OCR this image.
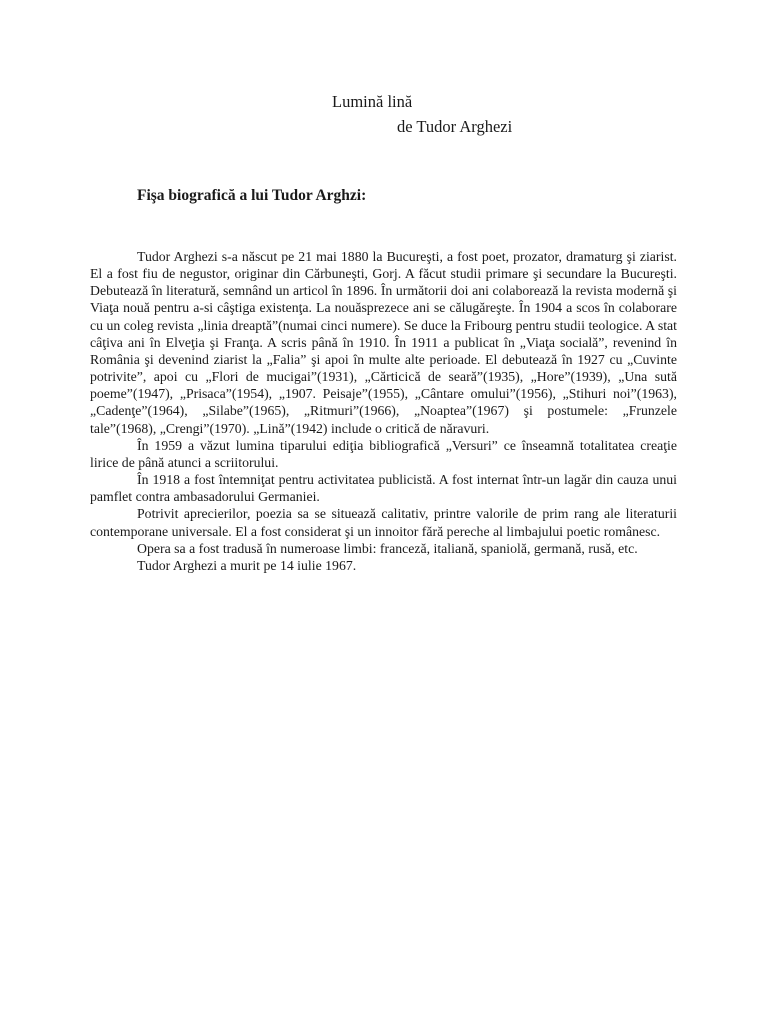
Lumină lină
de Tudor Arghezi
Fişa biografică a lui Tudor Arghzi:

Tudor Arghezi s-a născut pe 21 mai 1880 la Bucureşti, a fost poet, prozator, dramaturg şi ziarist. El a fost fiu de negustor, originar din Cărbuneşti, Gorj. A făcut studii primare şi secundare la Bucureşti. Debutează în literatură, semnând un articol în 1896. În următorii doi ani colaborează la revista modernă şi Viaţa nouă pentru a-si câştiga existenţa. La nouăsprezece ani se călugăreşte. În 1904 a scos în colaborare cu un coleg revista „linia dreaptă”(numai cinci numere). Se duce la Fribourg pentru studii teologice. A stat câţiva ani în Elveţia şi Franţa. A scris până în 1910. În 1911 a publicat în „Viaţa socială”, revenind în România şi devenind ziarist la „Falia” şi apoi în multe alte perioade. El debutează în 1927 cu „Cuvinte potrivite”, apoi cu „Flori de mucigai”(1931), „Cărticică de seară”(1935), „Hore”(1939), „Una sută poeme”(1947), „Prisaca”(1954), „1907. Peisaje”(1955), „Cântare omului”(1956), „Stihuri noi”(1963), „Cadenţe”(1964), „Silabe”(1965), „Ritmuri”(1966), „Noaptea”(1967) şi postumele: „Frunzele tale”(1968), „Crengi”(1970). „Lină”(1942) include o critică de năravuri.

În 1959 a văzut lumina tiparului ediţia bibliografică „Versuri” ce înseamnă totalitatea creaţie lirice de până atunci a scriitorului.

În 1918 a fost întemniţat pentru activitatea publicistă. A fost internat într-un lagăr din cauza unui pamflet contra ambasadorului Germaniei.

Potrivit aprecierilor, poezia sa se situează calitativ, printre valorile de prim rang ale literaturii contemporane universale. El a fost considerat şi un innoitor fără pereche al limbajului poetic românesc.

Opera sa a fost tradusă în numeroase limbi: franceză, italiană, spaniolă, germană, rusă, etc.

Tudor Arghezi a murit pe 14 iulie 1967.
